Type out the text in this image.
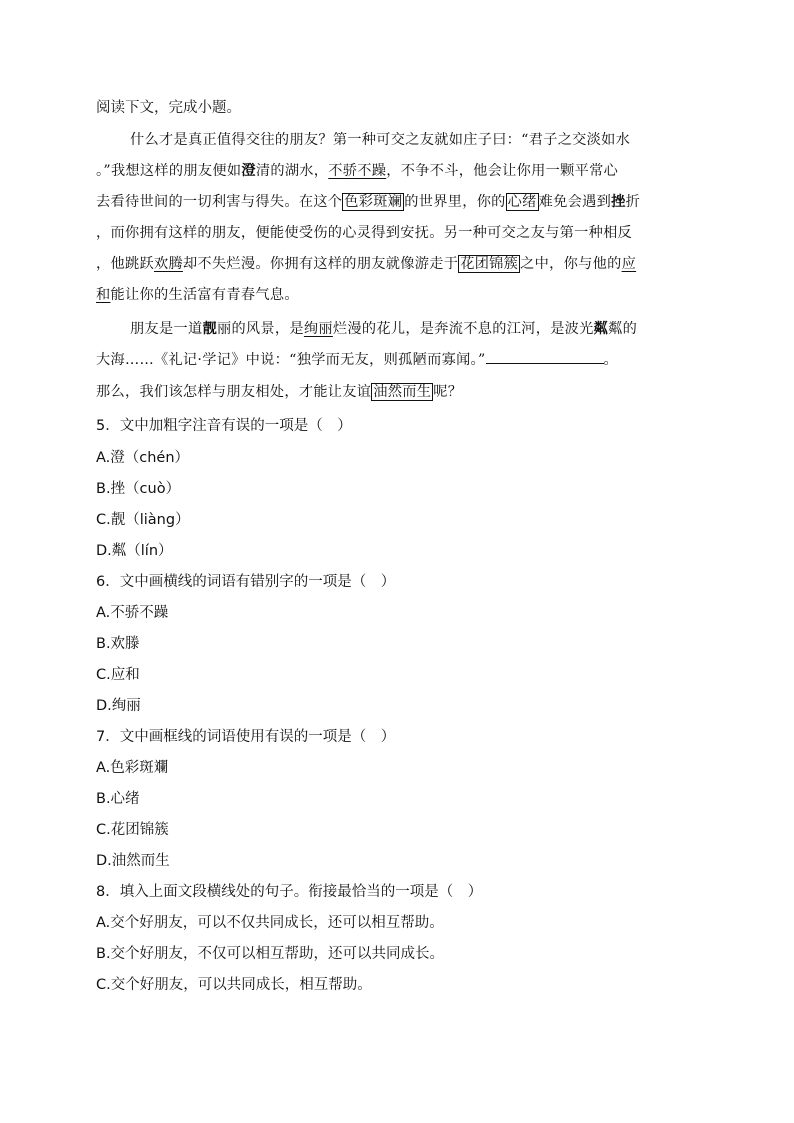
阅读下文，完成小题。
什么才是真正值得交往的朋友？第一种可交之友就如庄子曰：“君子之交淡如水
。”我想这样的朋友便如澄清的湖水，不骄不躁，不争不斗，他会让你用一颗平常心
去看待世间的一切利害与得失。在这个 色彩斑斓 的世界里，你的 心绪 难免会遇到挫折
，而你拥有这样的朋友，便能使受伤的心灵得到安抚。另一种可交之友与第一种相反
，他跳跃欢腾却不失烂漫。你拥有这样的朋友就像游走于 花团锦簇 之中，你与他的应
和能让你的生活富有青春气息。
朋友是一道靓丽的风景，是绚丽烂漫的花儿，是奔流不息的江河，是波光粼粼的
大海……《礼记·学记》中说：“独学而无友，则孤陋而寡闻。”	。
那么，我们该怎样与朋友相处，才能让友谊 油然而生 呢？
5．文中加粗字注音有误的一项是（　）
A.澄（chén）
B.挫（cuò）
C.靓（liàng）
D.粼（lín）
6．文中画横线的词语有错别字的一项是（　）
A.不骄不躁
B.欢滕
C.应和
D.绚丽
7．文中画框线的词语使用有误的一项是（　）
A.色彩斑斕
B.心绪
C.花团锦簇
D.油然而生
8．填入上面文段横线处的句子。衔接最恰当的一项是（　）
A.交个好朋友，可以不仅共同成长，还可以相互帮助。
B.交个好朋友，不仅可以相互帮助，还可以共同成长。
C.交个好朋友，可以共同成长，相互帮助。
